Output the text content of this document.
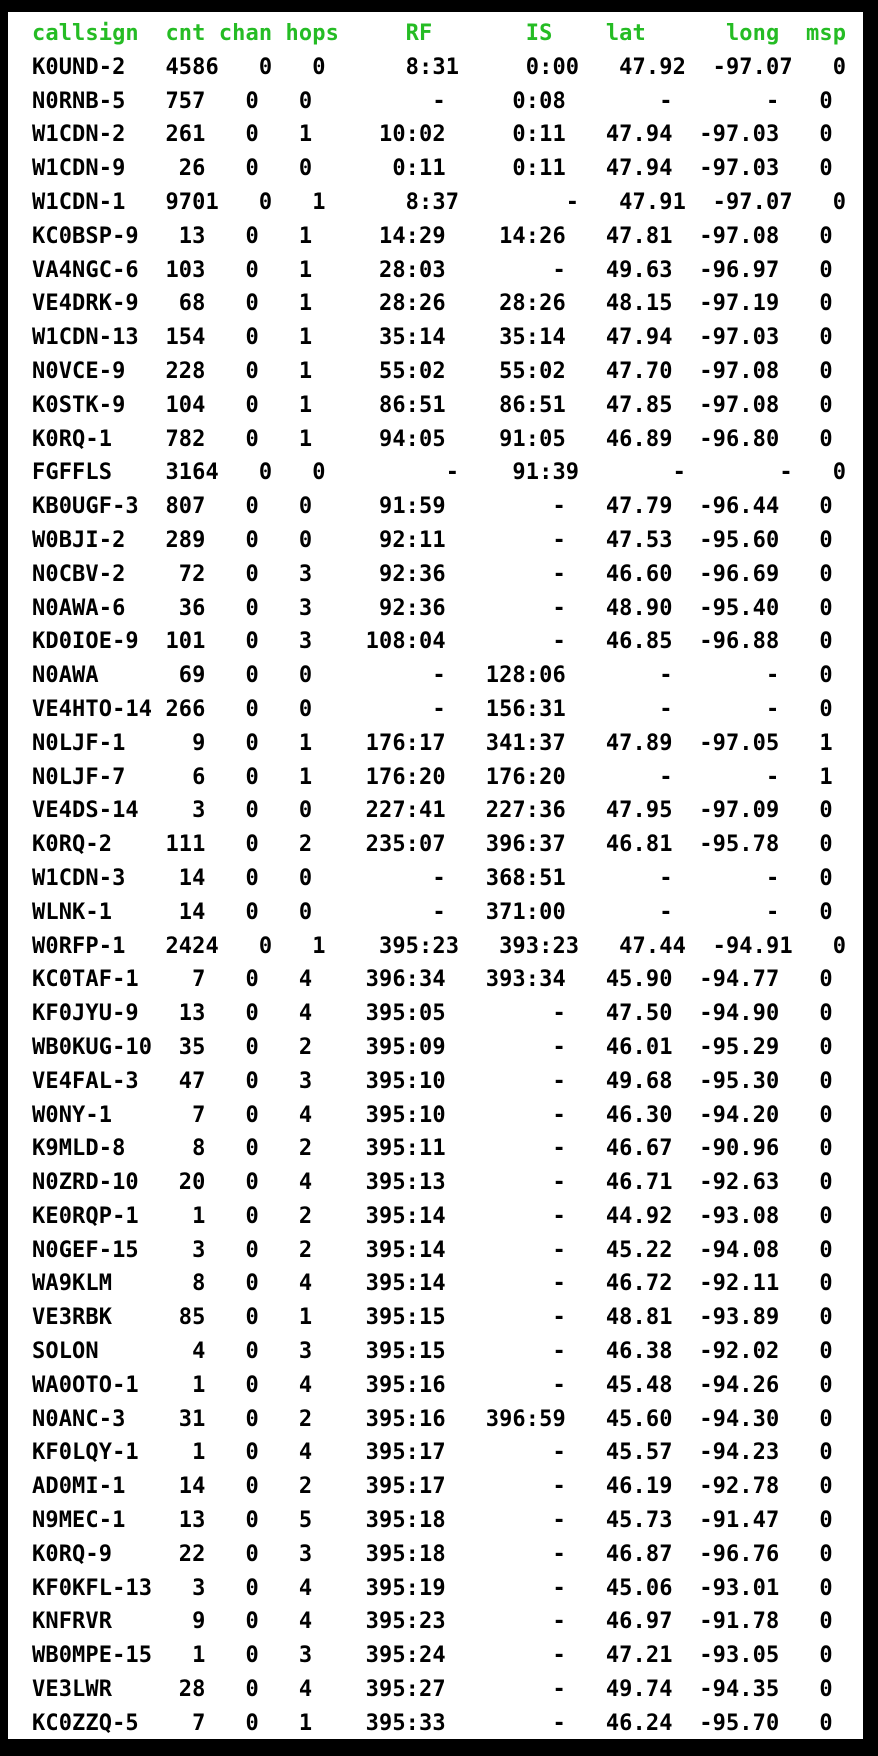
callsign  cnt chan hops     RF       IS    lat      long  msp
K0UND-2   4586   0   0      8:31     0:00   47.92  -97.07   0
N0RNB-5   757   0   0         -     0:08       -       -   0
W1CDN-2   261   0   1     10:02     0:11   47.94  -97.03   0
W1CDN-9    26   0   0      0:11     0:11   47.94  -97.03   0
W1CDN-1   9701   0   1      8:37        -   47.91  -97.07   0
KC0BSP-9   13   0   1     14:29    14:26   47.81  -97.08   0
VA4NGC-6  103   0   1     28:03        -   49.63  -96.97   0
VE4DRK-9   68   0   1     28:26    28:26   48.15  -97.19   0
W1CDN-13  154   0   1     35:14    35:14   47.94  -97.03   0
N0VCE-9   228   0   1     55:02    55:02   47.70  -97.08   0
K0STK-9   104   0   1     86:51    86:51   47.85  -97.08   0
K0RQ-1    782   0   1     94:05    91:05   46.89  -96.80   0
FGFFLS    3164   0   0         -    91:39       -       -   0
KB0UGF-3  807   0   0     91:59        -   47.79  -96.44   0
W0BJI-2   289   0   0     92:11        -   47.53  -95.60   0
N0CBV-2    72   0   3     92:36        -   46.60  -96.69   0
N0AWA-6    36   0   3     92:36        -   48.90  -95.40   0
KD0IOE-9  101   0   3    108:04        -   46.85  -96.88   0
N0AWA      69   0   0         -   128:06       -       -   0
VE4HTO-14 266   0   0         -   156:31       -       -   0
N0LJF-1     9   0   1    176:17   341:37   47.89  -97.05   1
N0LJF-7     6   0   1    176:20   176:20       -       -   1
VE4DS-14    3   0   0    227:41   227:36   47.95  -97.09   0
K0RQ-2    111   0   2    235:07   396:37   46.81  -95.78   0
W1CDN-3    14   0   0         -   368:51       -       -   0
WLNK-1     14   0   0         -   371:00       -       -   0
W0RFP-1   2424   0   1    395:23   393:23   47.44  -94.91   0
KC0TAF-1    7   0   4    396:34   393:34   45.90  -94.77   0
KF0JYU-9   13   0   4    395:05        -   47.50  -94.90   0
WB0KUG-10  35   0   2    395:09        -   46.01  -95.29   0
VE4FAL-3   47   0   3    395:10        -   49.68  -95.30   0
W0NY-1      7   0   4    395:10        -   46.30  -94.20   0
K9MLD-8     8   0   2    395:11        -   46.67  -90.96   0
N0ZRD-10   20   0   4    395:13        -   46.71  -92.63   0
KE0RQP-1    1   0   2    395:14        -   44.92  -93.08   0
N0GEF-15    3   0   2    395:14        -   45.22  -94.08   0
WA9KLM      8   0   4    395:14        -   46.72  -92.11   0
VE3RBK     85   0   1    395:15        -   48.81  -93.89   0
SOLON       4   0   3    395:15        -   46.38  -92.02   0
WA0OTO-1    1   0   4    395:16        -   45.48  -94.26   0
N0ANC-3    31   0   2    395:16   396:59   45.60  -94.30   0
KF0LQY-1    1   0   4    395:17        -   45.57  -94.23   0
AD0MI-1    14   0   2    395:17        -   46.19  -92.78   0
N9MEC-1    13   0   5    395:18        -   45.73  -91.47   0
K0RQ-9     22   0   3    395:18        -   46.87  -96.76   0
KF0KFL-13   3   0   4    395:19        -   45.06  -93.01   0
KNFRVR      9   0   4    395:23        -   46.97  -91.78   0
WB0MPE-15   1   0   3    395:24        -   47.21  -93.05   0
VE3LWR     28   0   4    395:27        -   49.74  -94.35   0
KC0ZZQ-5    7   0   1    395:33        -   46.24  -95.70   0
